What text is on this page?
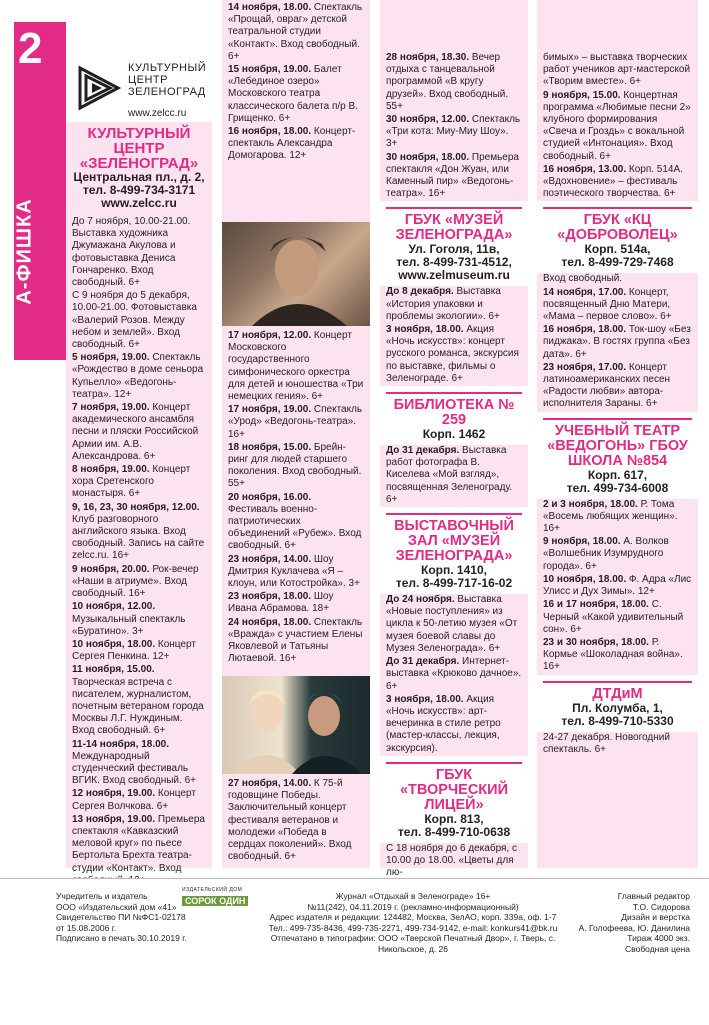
2
А-ФИШКА
КУЛЬТУРНЫЙ
ЦЕНТР
ЗЕЛЕНОГРАД
www.zelcc.ru
КУЛЬТУРНЫЙ ЦЕНТР «ЗЕЛЕНОГРАД»
Центральная пл., д. 2,
тел. 8-499-734-3171
www.zelcc.ru

До 7 ноября, 10.00-21.00. Выставка художника Джумажана Акулова и фотовыставка Дениса Гончаренко. Вход свободный. 6+

С 9 ноября до 5 декабря, 10.00-21.00. Фотовыставка «Валерий Розов. Между небом и землей». Вход свободный. 6+

5 ноября, 19.00. Спектакль «Рождество в доме сеньора Купьелло» «Ведогонь-театра». 12+

7 ноября, 19.00. Концерт академического ансамбля песни и пляски Российской Армии им. А.В. Александрова. 6+

8 ноября, 19.00. Концерт хора Сретенского монастыря. 6+

9, 16, 23, 30 ноября, 12.00. Клуб разговорного английского языка. Вход свободный. Запись на сайте zelcc.ru. 16+

9 ноября, 20.00. Рок-вечер «Наши в атриуме». Вход свободный. 16+

10 ноября, 12.00. Музыкальный спектакль «Буратино». 3+

10 ноября, 18.00. Концерт Сергея Пенкина. 12+

11 ноября, 15.00. Творческая встреча с писателем, журналистом, почетным ветераном города Москвы Л.Г. Нуждиным. Вход свободный. 6+

11-14 ноября, 18.00. Международный студенческий фестиваль ВГИК. Вход свободный. 6+

12 ноября, 19.00. Концерт Сергея Волчкова. 6+

13 ноября, 19.00. Премьера спектакля «Кавказский меловой круг» по пьесе Бертольта Брехта театра-студии «Контакт». Вход

14 ноября, 18.00. Спектакль «Прощай, овраг» детской театральной студии «Контакт». Вход свободный. 6+

15 ноября, 19.00. Балет «Лебединое озеро» Московского театра классического балета п/р В. Грищенко. 6+

16 ноября, 18.00. Концерт-спектакль Александра Домогарова. 12+

17 ноября, 12.00. Концерт Московского государственного симфонического оркестра для детей и юношества «Три немецких гения». 6+

17 ноября, 19.00. Спектакль «Урод» «Ведогонь-театра». 16+

18 ноября, 15.00. Брейн-ринг для людей старшего поколения. Вход свободный. 55+

20 ноября, 16.00. Фестиваль военно-патриотических объединений «Рубеж». Вход свободный. 6+

23 ноября, 14.00. Шоу Дмитрия Куклачева «Я – клоун, или Котостройка». 3+

23 ноября, 18.00. Шоу Ивана Абрамова. 18+

24 ноября, 18.00. Спектакль «Вражда» с участием Елены Яковлевой и Татьяны Лютаевой. 16+

27 ноября, 14.00. К 75-й годовщине Победы. Заключительный концерт фестиваля ветеранов и молодежи «Победа в сердцах поколений». Вход свободный. 6+

28 ноября, 18.30. Вечер отдыха с танцевальной программой «В кругу друзей». Вход свободный. 55+

30 ноября, 12.00. Спектакль «Три кота: Миу-Миу Шоу». 3+

30 ноября, 18.00. Премьера спектакля «Дон Жуан, или Каменный пир» «Ведогонь-театра». 16+

ГБУК «МУЗЕЙ ЗЕЛЕНОГРАДА»
Ул. Гоголя, 11в,
тел. 8-499-731-4512,
www.zelmuseum.ru

До 8 декабря. Выставка «История упаковки и проблемы экологии». 6+

3 ноября, 18.00. Акция «Ночь искусств»: концерт русского романса, экскурсия по выставке, фильмы о Зеленограде. 6+

БИБЛИОТЕКА № 259
Корп. 1462

До 31 декабря. Выставка работ фотографа В. Киселева «Мой взгляд», посвященная Зеленограду. 6+

ВЫСТАВОЧНЫЙ ЗАЛ «МУЗЕЙ ЗЕЛЕНОГРАДА»
Корп. 1410,
тел. 8-499-717-16-02

До 24 ноября. Выставка «Новые поступления» из цикла к 50-летию музея «От музея боевой славы до Музея Зеленограда». 6+

До 31 декабря. Интернет-выставка «Крюково дачное». 6+

3 ноября, 18.00. Акция «Ночь искусств»: арт-вечеринка в стиле ретро (мастер-классы, лекция, экскурсия).

ГБУК «ТВОРЧЕСКИЙ ЛИЦЕЙ»
Корп. 813,
тел. 8-499-710-0638

С 18 ноября до 6 декабря, с 10.00 до 18.00. «Цветы для лю-

бимых» – выставка творческих работ учеников арт-мастерской «Творим вместе». 6+

9 ноября, 15.00. Концертная программа «Любимые песни 2» клубного формирования «Свеча и Гроздь» с вокальной студией «Интонация». Вход свободный. 6+

16 ноября, 13.00. Корп. 514А. «Вдохновение» – фестиваль поэтического творчества. 6+

ГБУК «КЦ «ДОБРОВОЛЕЦ»
Корп. 514а,
тел. 8-499-729-7468

Вход свободный.

14 ноября, 17.00. Концерт, посвященный Дню Матери, «Мама – первое слово». 6+

16 ноября, 18.00. Ток-шоу «Без пиджака». В гостях группа «Без дата». 6+

23 ноября, 17.00. Концерт латиноамериканских песен «Радости любви» автора-исполнителя Зараны. 6+

УЧЕБНЫЙ ТЕАТР «ВЕДОГОНЬ» ГБОУ ШКОЛА №854
Корп. 617,
тел. 499-734-6008

2 и 3 ноября, 18.00. Р. Тома «Восемь любящих женщин». 16+

9 ноября, 18.00. А. Волков «Волшебник Изумрудного города». 6+

10 ноября, 18.00. Ф. Адра «Лис Улисс и Дух Зимы». 12+

16 и 17 ноября, 18.00. С. Черный «Какой удивительный сон». 6+

23 и 30 ноября, 18.00. Р. Кормье «Шоколадная война». 16+

ДТДиМ
Пл. Колумба, 1,
тел. 8-499-710-5330

24-27 декабря. Новогодний спектакль. 6+

Учредитель и издатель
ООО «Издательский дом «41»
Свидетельство ПИ №ФС1-02178
от 15.08.2006 г.
Подписано в печать 30.10.2019 г.
ИЗДАТЕЛЬСКИЙ ДОМ
СОРОК ОДИН	Журнал «Отдыхай в Зеленограде» 16+
№11(242), 04.11.2019 г. (рекламно-информационный)
Адрес издателя и редакции: 124482, Москва, ЗелАО, корп. 339а, оф. 1-7
Тел.: 499-735-8436, 499-735-2271, 499-734-9142, e-mail: konkurs41@bk.ru
Отпечатано в типографии: ООО «Тверской Печатный Двор», г. Тверь, с. Никольское, д. 26
Главный редактор
Т.О. Сидорова
Дизайн и верстка
А. Голофеева, Ю. Данилина
Тираж 4000 экз.
Свободная цена
